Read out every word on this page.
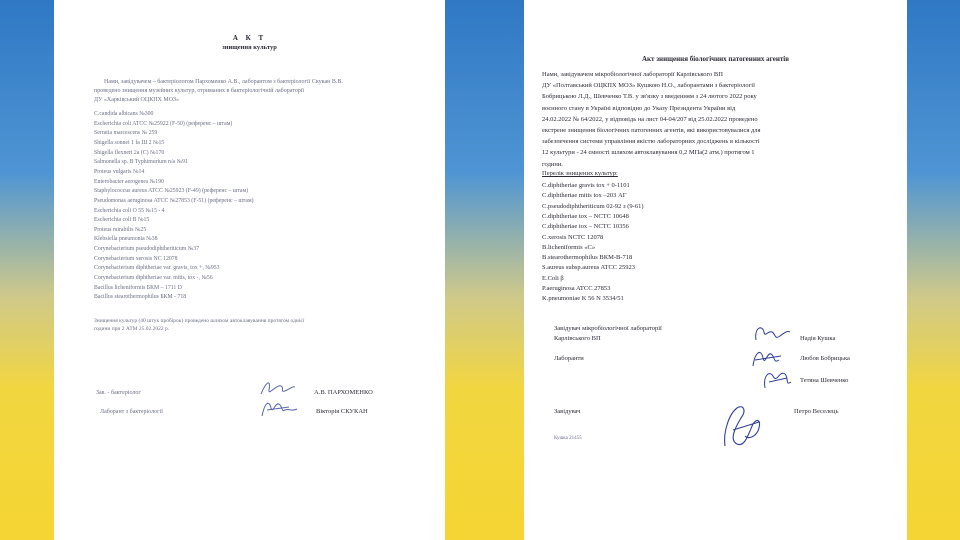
А К Т
знищення культур
Нами, завідувачем – бактеріологом Пархоменко А.В., лаборантом з бактеріології Скукан В.В.
проведено знищення музейних культур, отриманих в бактеріологічній лабораторії
ДУ «Харківський ОЦКПХ МОЗ»
C.candida albicans №300
Escherichia coli ATCC №25922 (F-50) (референс – штам)
Serratia marcescens № 259
Shigella sonnei 1 fa Ш 2 №15
Shigella flexneri 2a (С) №170
Salmonella sp. B Typhimurium n/a №91
Proteus vulgaris №14
Enterobacter aerogenes №190
Staphylococcus aureus ATCC №25923 (F-49) (референс – штам)
Pseudomonas aeruginosa ATCC №27853 (F-51) (референс – штам)
Escherichia coli O 55 №15 - 4
Escherichia coli B №15
Proteus mirabilis №25
Klebsiella pneumonia №38
Corynebacterium pseudodiphtheriticum №37
Corynebacterium xerosis NC 12078
Corynebacterium diphtheriae var. gravis, tox +, №953
Corynebacterium diphtheriae var. mitis, tox -, №56
Bacillus licheniformis БКМ – 1711 D
Bacillus stearothermophilus БКМ - 718
Знищення культур (40 штук пробірок) проведено шляхом автоклавування протягом однієї
години при 2 АТМ 25.02.2022 р.
Зав. - бактеріолог	А.В. ПАРХОМЕНКО
Лаборант з бактеріології	Вікторія СКУКАН
Акт знищення біологічних патогенних агентів
Нами, завідувачем мікробіологічної лабораторії Карлівського ВП
ДУ «Полтавський ОЦКПХ МОЗ» Кушкою Н.О., лаборантами з бактеріології
Бобрицькою Л.Д., Шевченко Т.В. у зв'язку з введенням з 24 лютого 2022 року
воєнного стану в Україні відповідно до Указу Президента України від
24.02.2022 № 64/2022, у відповідь на лист 04-04/207 від 25.02.2022 проведено
екстрене знищення біологічних патогенних агентів, які використовувалися для
забезпечення системи управління якістю лабораторних досліджень в кількості
12 культури - 24 ємності шляхом автоклавування 0,2 МПа(2 атм.) протягом 1
години.
Перелік знищених культур:
C.diphtheriae gravis tox + 0-1101
C.diphtheriae mitis tox –203 АГ
C.pseudodiphtheriticum 02-92 з (9-61)
C.diphtheriae tox – NCTC 10648
C.diphtheriae tox – NCTC 10356
C.xerosis NCTC 12078
B.licheniformis «C»
B.stearothermophilus ВКМ-В-718
S.aureus subsp.aureus ATCC 25923
E.Coli β
P.aeruginosa ATCC 27853
K.pneumoniae K 56 N 3534/51
Завідувач мікробіологічної лабораторії
Карлівського ВП	Надія Кушка
Лаборанти	Любов Бобрицька
Тетяна Шевченко
Завідувач	Петро Веселець
Кушка 21455
